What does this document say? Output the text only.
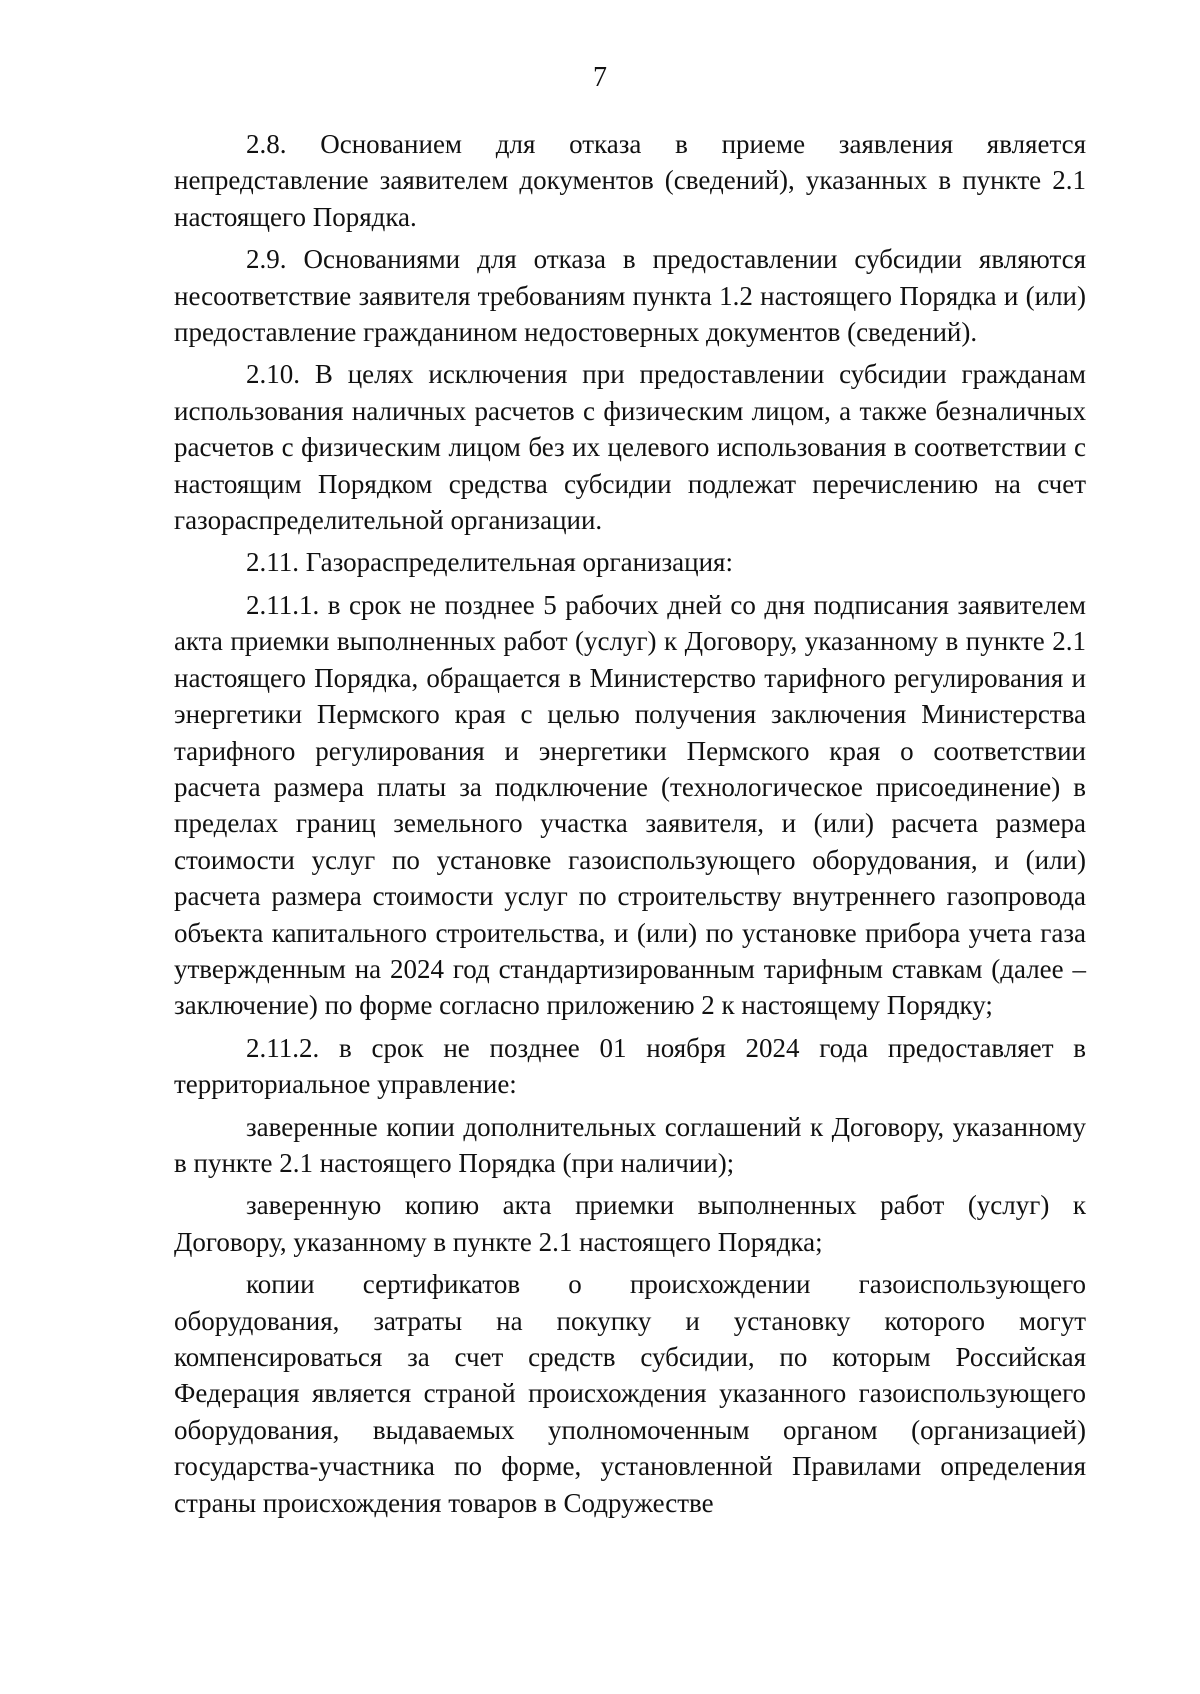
7

2.8. Основанием для отказа в приеме заявления является непредставление заявителем документов (сведений), указанных в пункте 2.1 настоящего Порядка.

2.9. Основаниями для отказа в предоставлении субсидии являются несоответствие заявителя требованиям пункта 1.2 настоящего Порядка и (или) предоставление гражданином недостоверных документов (сведений).

2.10. В целях исключения при предоставлении субсидии гражданам использования наличных расчетов с физическим лицом, а также безналичных расчетов с физическим лицом без их целевого использования в соответствии с настоящим Порядком средства субсидии подлежат перечислению на счет газораспределительной организации.

2.11. Газораспределительная организация:

2.11.1. в срок не позднее 5 рабочих дней со дня подписания заявителем акта приемки выполненных работ (услуг) к Договору, указанному в пункте 2.1 настоящего Порядка, обращается в Министерство тарифного регулирования и энергетики Пермского края с целью получения заключения Министерства тарифного регулирования и энергетики Пермского края о соответствии расчета размера платы за подключение (технологическое присоединение) в пределах границ земельного участка заявителя, и (или) расчета размера стоимости услуг по установке газоиспользующего оборудования, и (или) расчета размера стоимости услуг по строительству внутреннего газопровода объекта капитального строительства, и (или) по установке прибора учета газа утвержденным на 2024 год стандартизированным тарифным ставкам (далее – заключение) по форме согласно приложению 2 к настоящему Порядку;

2.11.2. в срок не позднее 01 ноября 2024 года предоставляет в территориальное управление:

заверенные копии дополнительных соглашений к Договору, указанному в пункте 2.1 настоящего Порядка (при наличии);

заверенную копию акта приемки выполненных работ (услуг) к Договору, указанному в пункте 2.1 настоящего Порядка;

копии сертификатов о происхождении газоиспользующего оборудования, затраты на покупку и установку которого могут компенсироваться за счет средств субсидии, по которым Российская Федерация является страной происхождения указанного газоиспользующего оборудования, выдаваемых уполномоченным органом (организацией) государства-участника по форме, установленной Правилами определения страны происхождения товаров в Содружестве
